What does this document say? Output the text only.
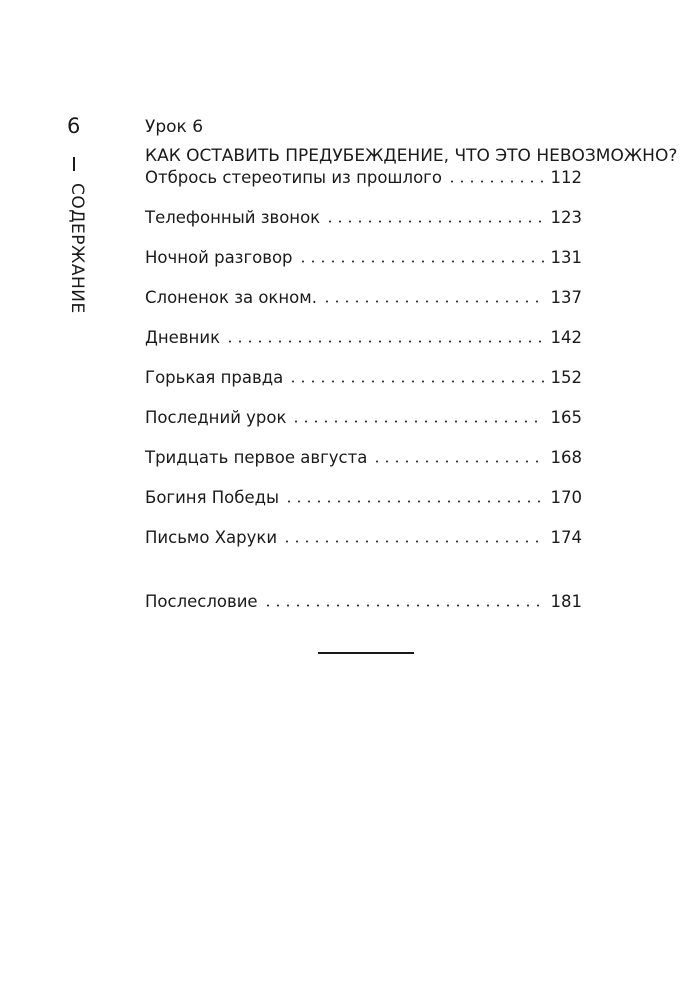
6
СОДЕРЖАНИЕ
Урок 6
КАК ОСТАВИТЬ ПРЕДУБЕЖДЕНИЕ, ЧТО ЭТО НЕВОЗМОЖНО?
Отбрось стереотипы из прошлого	112
Телефонный звонок	123
Ночной разговор	131
Слоненок за окном.	137
Дневник	142
Горькая правда	152
Последний урок	165
Тридцать первое августа	168
Богиня Победы	170
Письмо Харуки	174
Послесловие	181
